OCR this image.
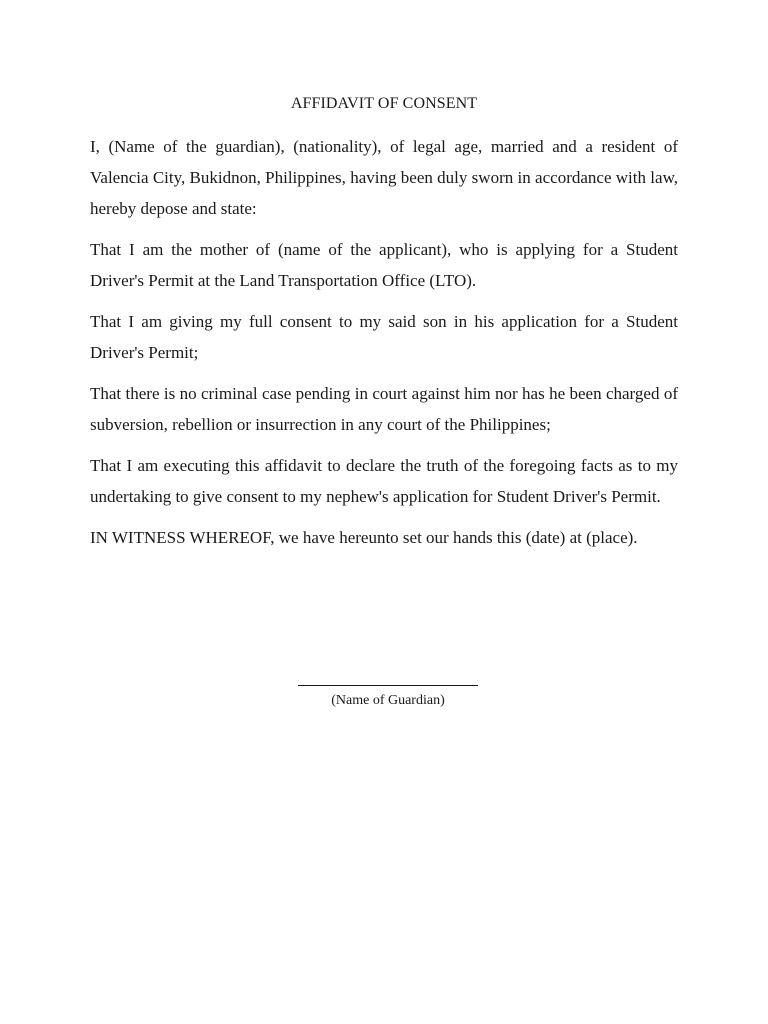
AFFIDAVIT OF CONSENT

I, (Name of the guardian), (nationality), of legal age, married and a resident of Valencia City, Bukidnon, Philippines, having been duly sworn in accordance with law, hereby depose and state:

That I am the mother of (name of the applicant), who is applying for a Student Driver's Permit at the Land Transportation Office (LTO).

That I am giving my full consent to my said son in his application for a Student Driver's Permit;

That there is no criminal case pending in court against him nor has he been charged of subversion, rebellion or insurrection in any court of the Philippines;

That I am executing this affidavit to declare the truth of the foregoing facts as to my undertaking to give consent to my nephew's application for Student Driver's Permit.

IN WITNESS WHEREOF, we have hereunto set our hands this (date) at (place).

(Name of Guardian)
